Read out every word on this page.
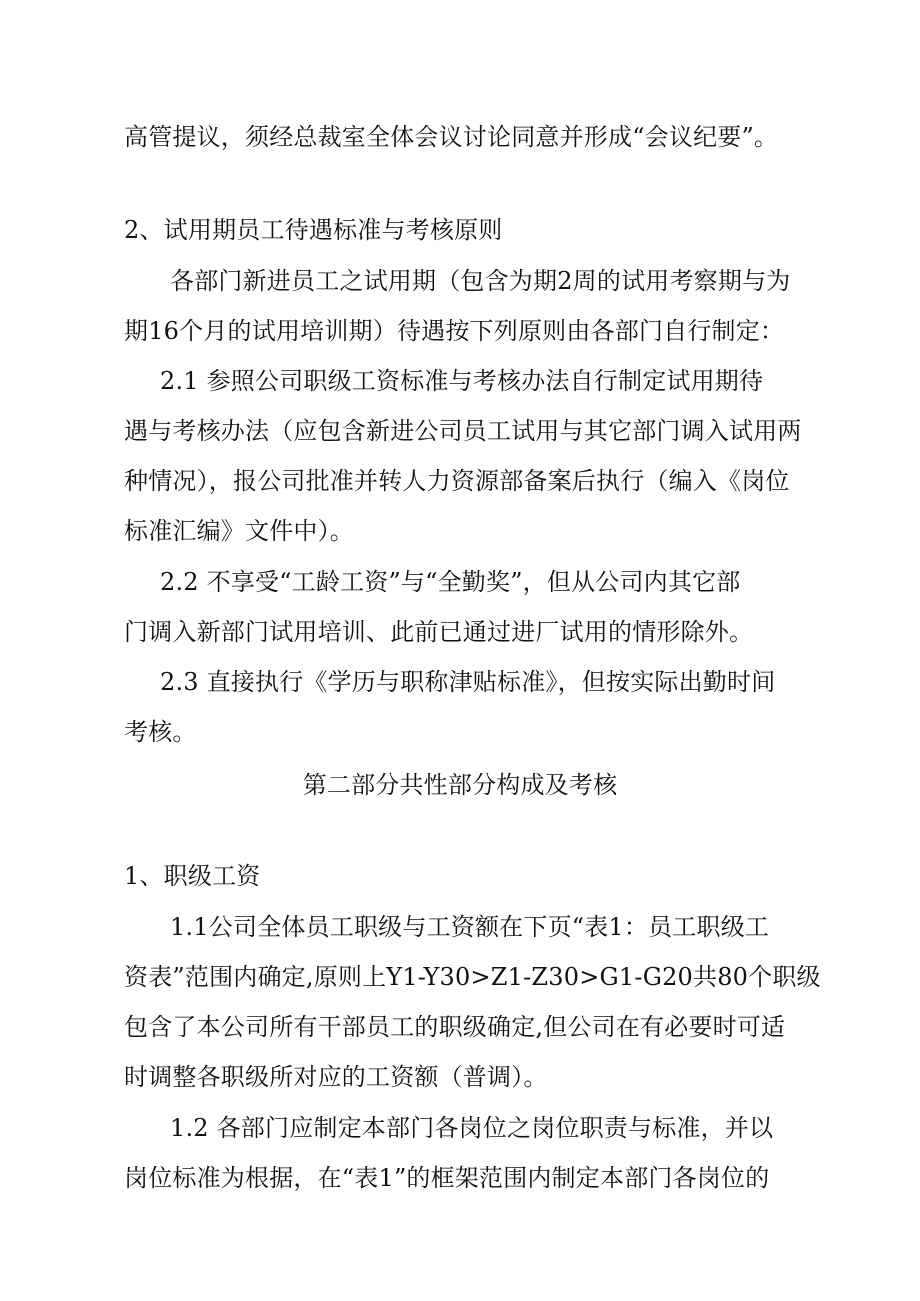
高管提议，须经总裁室全体会议讨论同意并形成“会议纪要”。
2、试用期员工待遇标准与考核原则
各部门新进员工之试用期（包含为期2周的试用考察期与为
期16个月的试用培训期）待遇按下列原则由各部门自行制定：
2.1 参照公司职级工资标准与考核办法自行制定试用期待
遇与考核办法（应包含新进公司员工试用与其它部门调入试用两
种情况），报公司批准并转人力资源部备案后执行（编入《岗位
标准汇编》文件中）。
2.2 不享受“工龄工资”与“全勤奖”，但从公司内其它部
门调入新部门试用培训、此前已通过进厂试用的情形除外。
2.3 直接执行《学历与职称津贴标准》，但按实际出勤时间
考核。
第二部分共性部分构成及考核
1、职级工资
1.1公司全体员工职级与工资额在下页“表1：员工职级工
资表”范围内确定,原则上Y1-Y30>Z1-Z30>G1-G20共80个职级
包含了本公司所有干部员工的职级确定,但公司在有必要时可适
时调整各职级所对应的工资额（普调）。
1.2 各部门应制定本部门各岗位之岗位职责与标准，并以
岗位标准为根据，在“表1”的框架范围内制定本部门各岗位的
